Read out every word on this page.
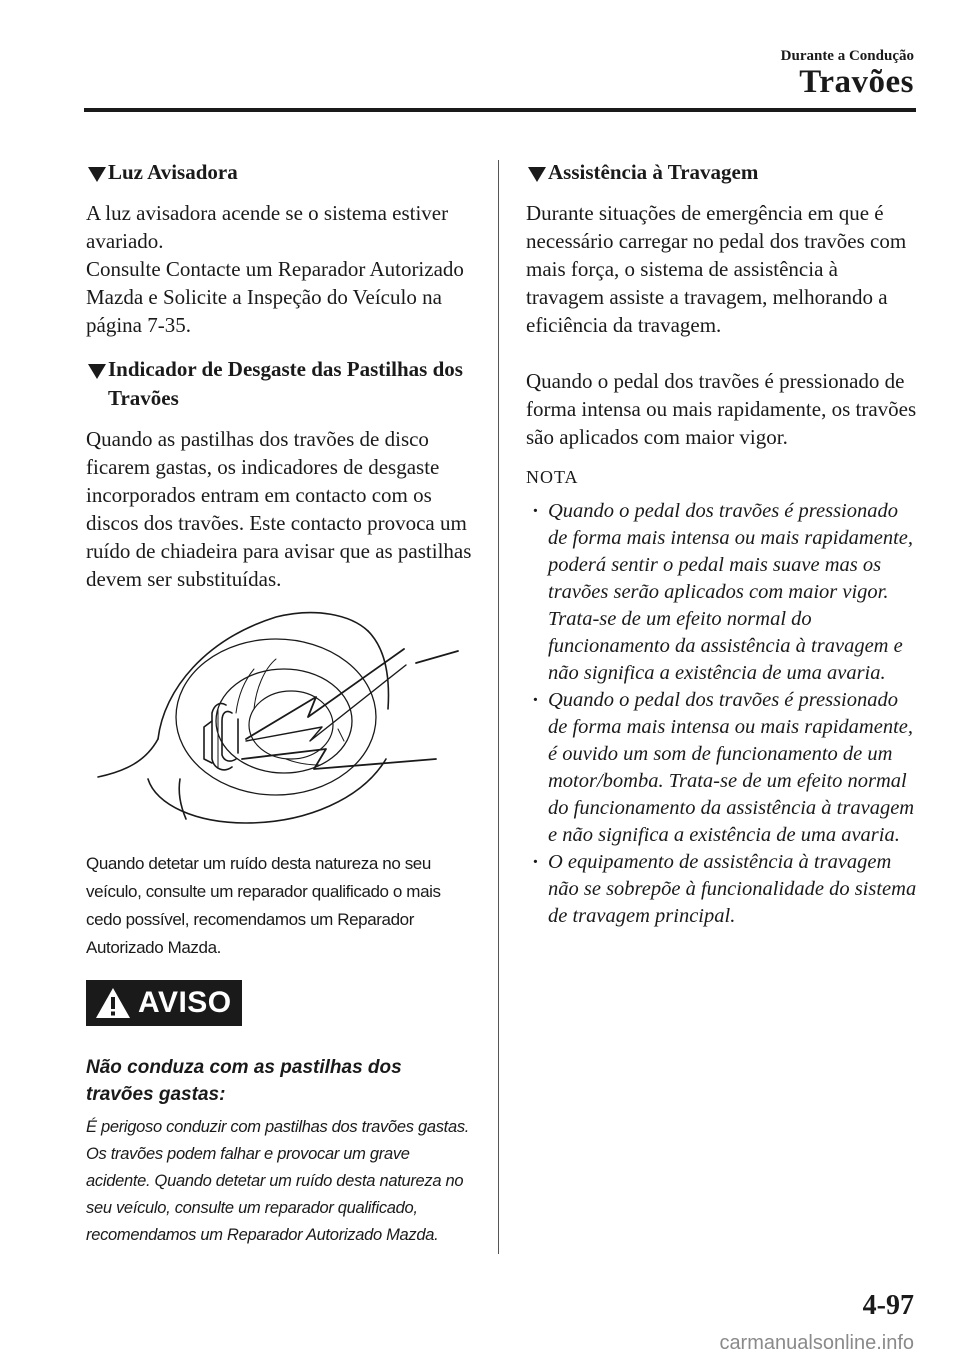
Durante a Condução
Travões
Luz Avisadora

A luz avisadora acende se o sistema estiver avariado.

Consulte Contacte um Reparador Autorizado Mazda e Solicite a Inspeção do Veículo na página 7-35.

Indicador de Desgaste das Pastilhas dos Travões

Quando as pastilhas dos travões de disco ficarem gastas, os indicadores de desgaste incorporados entram em contacto com os discos dos travões. Este contacto provoca um ruído de chiadeira para avisar que as pastilhas devem ser substituídas.

Quando detetar um ruído desta natureza no seu veículo, consulte um reparador qualificado o mais cedo possível, recomendamos um Reparador Autorizado Mazda.
AVISO
Não conduza com as pastilhas dos travões gastas:

É perigoso conduzir com pastilhas dos travões gastas. Os travões podem falhar e provocar um grave acidente. Quando detetar um ruído desta natureza no seu veículo, consulte um reparador qualificado, recomendamos um Reparador Autorizado Mazda.

Assistência à Travagem

Durante situações de emergência em que é necessário carregar no pedal dos travões com mais força, o sistema de assistência à travagem assiste a travagem, melhorando a eficiência da travagem.

Quando o pedal dos travões é pressionado de forma intensa ou mais rapidamente, os travões são aplicados com maior vigor.

NOTA
· Quando o pedal dos travões é pressionado de forma mais intensa ou mais rapidamente, poderá sentir o pedal mais suave mas os travões serão aplicados com maior vigor. Trata-se de um efeito normal do funcionamento da assistência à travagem e não significa a existência de uma avaria.
· Quando o pedal dos travões é pressionado de forma mais intensa ou mais rapidamente, é ouvido um som de funcionamento de um motor/bomba. Trata-se de um efeito normal do funcionamento da assistência à travagem e não significa a existência de uma avaria.
· O equipamento de assistência à travagem não se sobrepõe à funcionalidade do sistema de travagem principal.
4-97
carmanualsonline.info
